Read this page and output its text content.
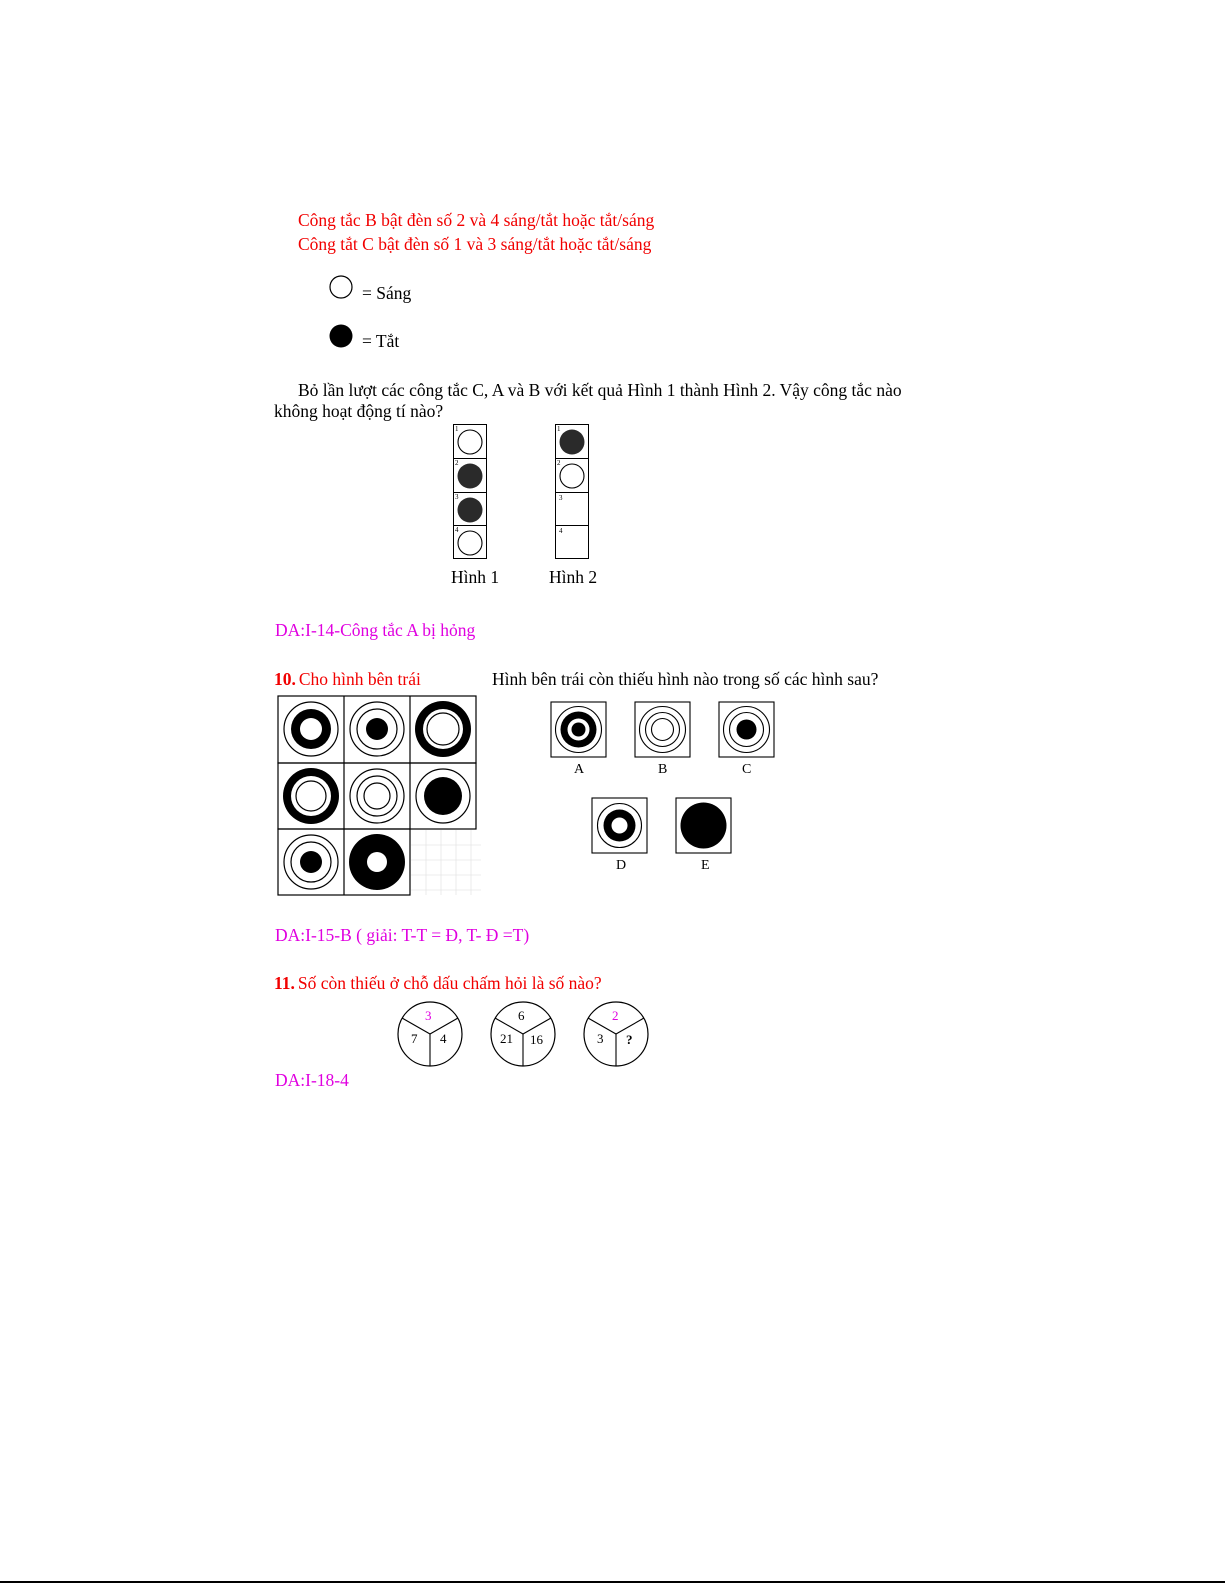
Công tắc B bật đèn số 2 và 4 sáng/tắt hoặc tắt/sáng
Công tắt C bật đèn số 1 và 3 sáng/tắt hoặc tắt/sáng
= Sáng
= Tắt
Bỏ lần lượt các công tắc C, A và B với kết quả Hình 1 thành Hình 2. Vậy công tắc nào
không hoạt động tí nào?
1
2
3
4
Hình 1
1
2
3
4
Hình 2
DA:I-14-Công tắc A bị hỏng
10. Cho hình bên trái	Hình bên trái còn thiếu hình nào trong số các hình sau?
A	B	C
D	E
DA:I-15-B ( giải: T-T = Đ, T- Đ =T)
11. Số còn thiếu ở chỗ dấu chấm hỏi là số nào?
3
7 4
6
21 16
2
3 ?
DA:I-18-4
